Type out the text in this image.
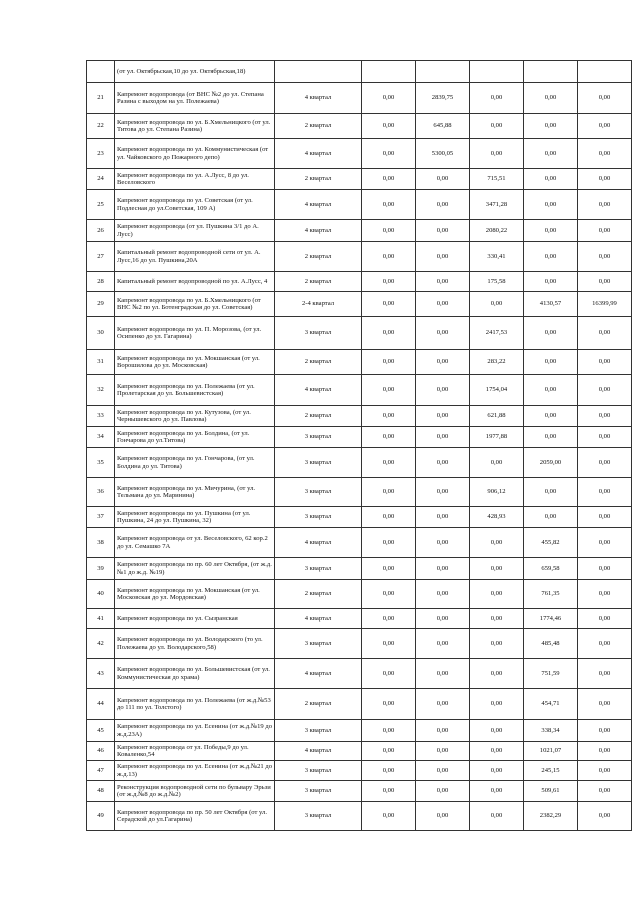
	(от ул. Октябрьская,10 до ул. Октябрьская,18)						
21	Капремонт водопровода (от ВНС №2 до ул. Степана Разина с выходом на ул. Полежаева)	4 квартал	0,00	2839,75	0,00	0,00	0,00
22	Капремонт водопровода по ул. Б.Хмельницкого (от ул. Титова до ул. Степана Разина)	2 квартал	0,00	645,88	0,00	0,00	0,00
23	Капремонт водопровода по ул. Коммунистическая (от ул. Чайковского до Пожарного депо)	4 квартал	0,00	5300,05	0,00	0,00	0,00
24	Капремонт водопровода по ул. А.Лусс, 8 до ул. Веселовского	2 квартал	0,00	0,00	715,51	0,00	0,00
25	Капремонт водопровода по ул. Советская (от ул. Подлесная до ул.Советская, 109 А)	4 квартал	0,00	0,00	3471,28	0,00	0,00
26	Капремонт водопровода (от ул. Пушкина 3/1 до А. Лусс)	4 квартал	0,00	0,00	2080,22	0,00	0,00
27	Капитальный ремонт водопроводной сети от ул. А. Лусс,16 до ул. Пушкина,20А	2 квартал	0,00	0,00	330,41	0,00	0,00
28	Капитальный ремонт водопроводной по ул. А.Лусс, 4	2 квартал	0,00	0,00	175,58	0,00	0,00
29	Капремонт водопровода по ул. Б.Хмельницкого (от ВНС №2 по ул. Ботенградская до ул. Советская)	2-4 квартал	0,00	0,00	0,00	4130,57	16399,99
30	Капремонт водопровода по ул. П. Морозова, (от ул. Осипенко до ул. Гагарина)	3 квартал	0,00	0,00	2417,53	0,00	0,00
31	Капремонт водопровода по ул. Мокшанская (от ул. Ворошилова до ул. Московская)	2 квартал	0,00	0,00	283,22	0,00	0,00
32	Капремонт водопровода по ул. Полежаева (от ул. Пролетарская до ул. Большевистская)	4 квартал	0,00	0,00	1754,04	0,00	0,00
33	Капремонт водопровода по ул. Кутузова, (от ул. Чернышевского до ул. Павлова)	2 квартал	0,00	0,00	621,88	0,00	0,00
34	Капремонт водопровода по ул. Болдина, (от ул. Гончарова до ул.Титова)	3 квартал	0,00	0,00	1977,88	0,00	0,00
35	Капремонт водопровода по ул. Гончарова, (от ул. Болдина до ул. Титова)	3 квартал	0,00	0,00	0,00	2059,00	0,00
36	Капремонт водопровода по ул. Мичурина, (от ул. Тельмана до ул. Маринина)	3 квартал	0,00	0,00	906,12	0,00	0,00
37	Капремонт водопровода по ул. Пушкина (от ул. Пушкина, 24 до ул. Пушкина, 32)	3 квартал	0,00	0,00	428,93	0,00	0,00
38	Капремонт водопровода от ул. Веселовского, 62 кор.2 до ул. Семашко 7А	4 квартал	0,00	0,00	0,00	455,82	0,00
39	Капремонт водопровода по пр. 60 лет Октября, (от ж.д. №1 до ж.д. №19)	3 квартал	0,00	0,00	0,00	659,58	0,00
40	Капремонт водопровода по ул. Мокшанская (от ул. Московская до ул. Мордовская)	2 квартал	0,00	0,00	0,00	761,35	0,00
41	Капремонт водопровода по ул. Сызранская	4 квартал	0,00	0,00	0,00	1774,46	0,00
42	Капремонт водопровода по ул. Володарского (то ул. Полежаева до ул. Володарского,58)	3 квартал	0,00	0,00	0,00	485,48	0,00
43	Капремонт водопровода по ул. Большевистская (от ул. Коммунистическая до храма)	4 квартал	0,00	0,00	0,00	751,59	0,00
44	Капремонт водопровода по ул. Полежаева (от ж.д.№53 до 111 по ул. Толстого)	2 квартал	0,00	0,00	0,00	454,71	0,00
45	Капремонт водопровода по ул. Есенина (от ж.д.№19 до ж.д.23А)	3 квартал	0,00	0,00	0,00	338,34	0,00
46	Капремонт водопровода от ул. Победы,9 до ул. Коваленко,54	4 квартал	0,00	0,00	0,00	1021,07	0,00
47	Капремонт водопровода по ул. Есенина (от ж.д.№21 до ж.д.13)	3 квартал	0,00	0,00	0,00	245,15	0,00
48	Реконструкция водопроводной сети по бульвару Эрьзи (от ж.д.№8 до ж.д.№2)	3 квартал	0,00	0,00	0,00	509,61	0,00
49	Капремонт водопровода по пр. 50 лет Октября (от ул. Серадской до ул.Гагарина)	3 квартал	0,00	0,00	0,00	2382,29	0,00
